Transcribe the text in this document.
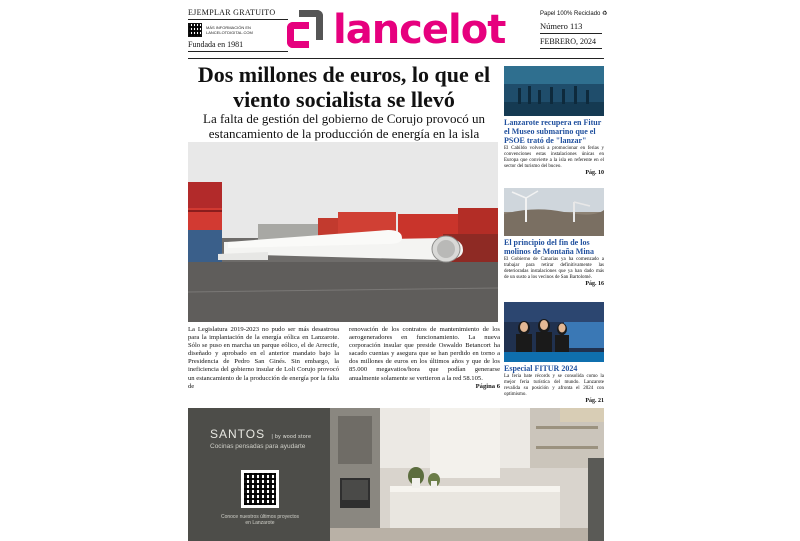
EJEMPLAR GRATUITO
MÁS INFORMACIÓN EN
LANCELOTDIGITAL.COM
Fundada en 1981	lancelot	Papel 100% Reciclado ♻
Número 113
FEBRERO, 2024
Dos millones de euros, lo que el viento socialista se llevó
La falta de gestión del gobierno de Corujo provocó un estancamiento de la producción de energía en la isla

La Legislatura 2019-2023 no pudo ser más desastrosa para la implantación de la energía eólica en Lanzarote. Sólo se puso en marcha un parque eólico, el de Arrecife, diseñado y aprobado en el anterior mandato bajo la Presidencia de Pedro San Ginés. Sin embargo, la ineficiencia del gobierno insular de Loli Corujo provocó un estancamiento de la producción de energía por la falta de

renovación de los contratos de mantenimiento de los aerogeneradores en funcionamiento. La nueva corporación insular que preside Oswaldo Betancort ha sacado cuentas y asegura que se han perdido en torno a dos millones de euros en los últimos años y que de los 85.000 megavatios/hora que podían generarse anualmente solamente se vertieron a la red 58.105.

Página 6
Lanzarote recupera en Fitur el Museo submarino que el PSOE trató de "lanzar"
El Cabildo volverá a promocionar en ferias y convenciones estas instalaciones únicas en Europa que convierte a la isla en referente en el sector del turismo del buceo.
Pág. 10
El principio del fin de los molinos de Montaña Mina
El Gobierno de Canarias ya ha comenzado a trabajar para retirar definitivamente las deterioradas instalaciones que ya han dado más de un susto a los vecinos de San Bartolomé.
Pág. 16
Especial FITUR 2024
La feria bate récords y se consolida como la mejor feria turística del mundo. Lanzarote revalida su posición y afronta el 2024 con optimismo.
Pág. 21
SANTOS | by wood store
Cocinas pensadas para ayudarte
Conoce nuestros últimos proyectos en Lanzarote
